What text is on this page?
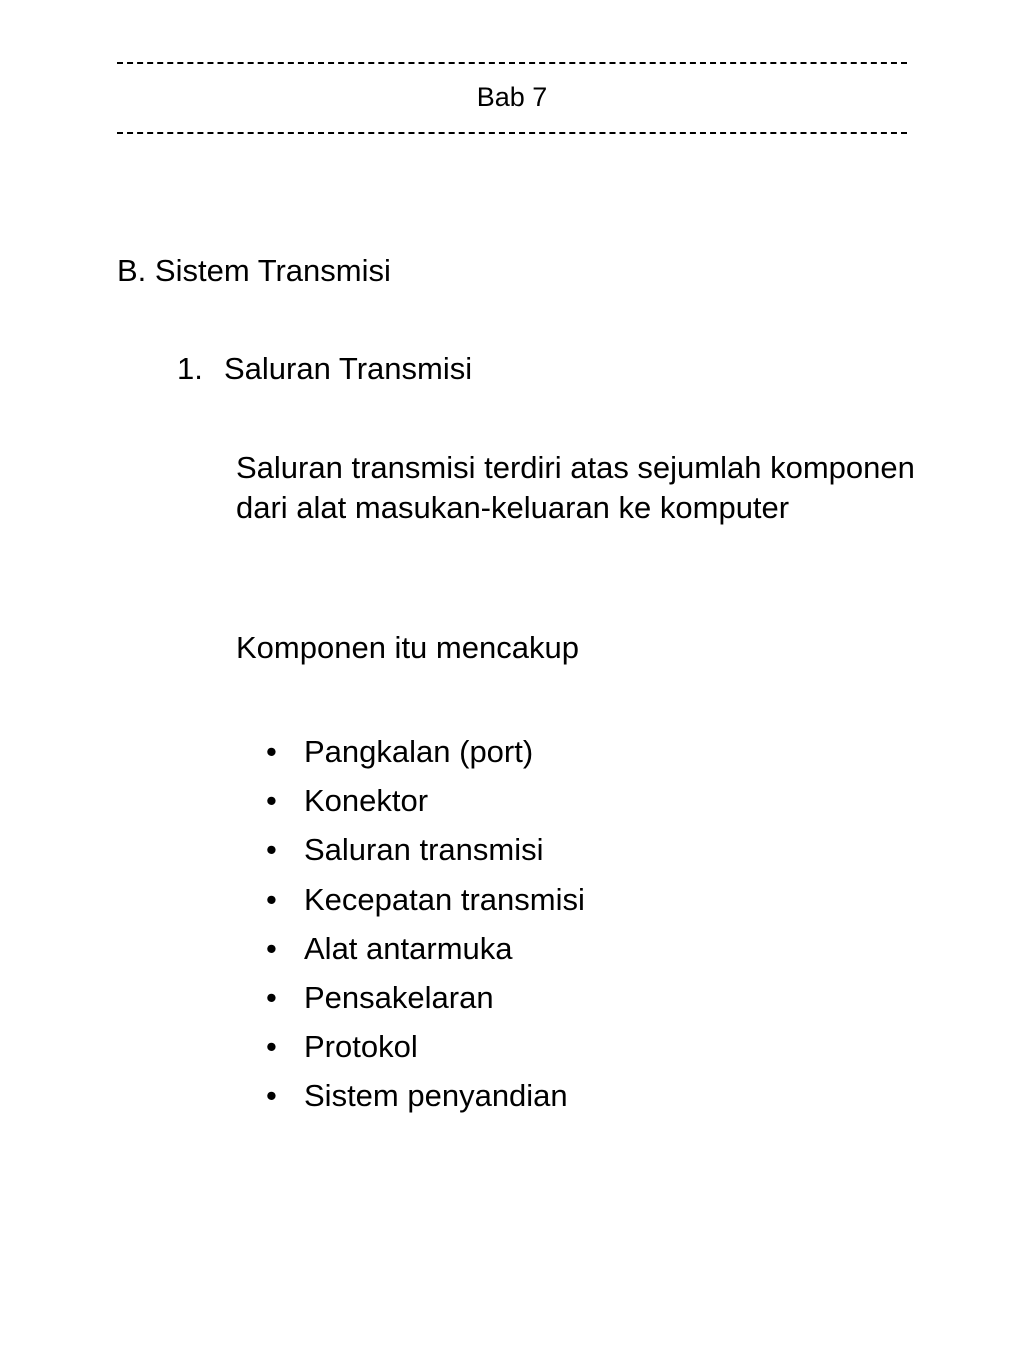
Bab 7
B. Sistem Transmisi
1. Saluran Transmisi

Saluran transmisi terdiri atas sejumlah komponen dari alat masukan-keluaran ke komputer

Komponen itu mencakup

• Pangkalan (port)
• Konektor
• Saluran transmisi
• Kecepatan transmisi
• Alat antarmuka
• Pensakelaran
• Protokol
• Sistem penyandian
